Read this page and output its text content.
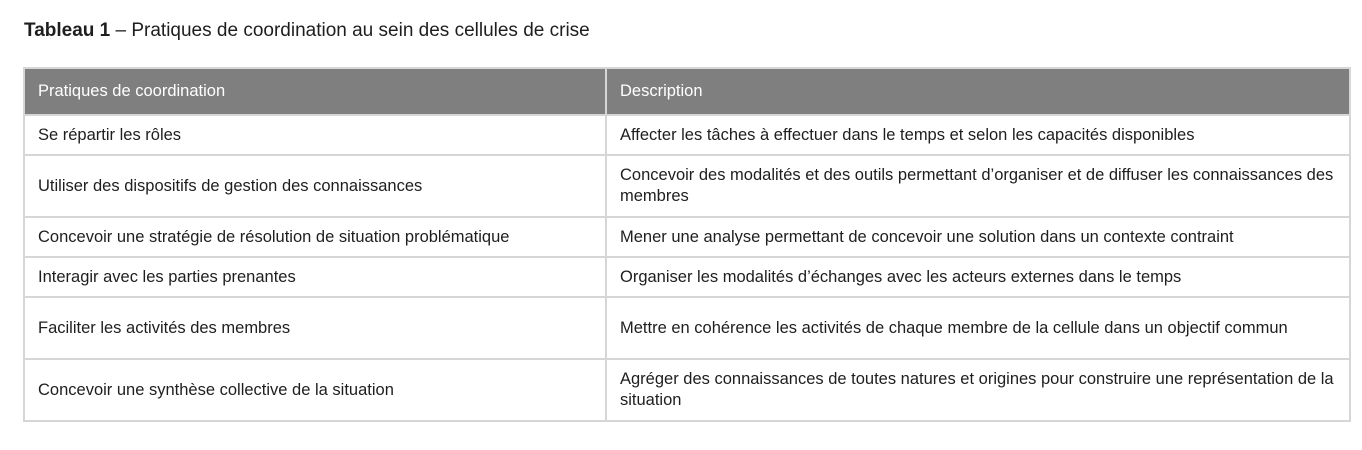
Tableau 1 – Pratiques de coordination au sein des cellules de crise
Pratiques de coordination	Description
Se répartir les rôles	Affecter les tâches à effectuer dans le temps et selon les capacités disponibles
Utiliser des dispositifs de gestion des connaissances	Concevoir des modalités et des outils permettant d’organiser et de diffuser les connaissances des membres
Concevoir une stratégie de résolution de situation problématique	Mener une analyse permettant de concevoir une solution dans un contexte contraint
Interagir avec les parties prenantes	Organiser les modalités d’échanges avec les acteurs externes dans le temps
Faciliter les activités des membres	Mettre en cohérence les activités de chaque membre de la cellule dans un objectif commun
Concevoir une synthèse collective de la situation	Agréger des connaissances de toutes natures et origines pour construire une représentation de la situation
